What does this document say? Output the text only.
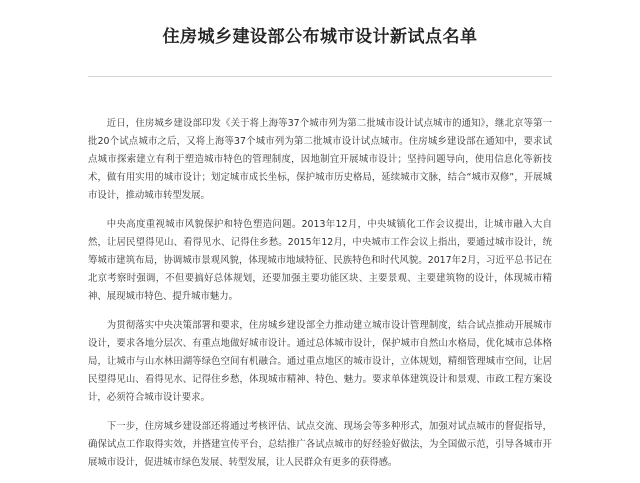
住房城乡建设部公布城市设计新试点名单

近日，住房城乡建设部印发《关于将上海等37个城市列为第二批城市设计试点城市的通知》，继北京等第一批20个试点城市之后，又将上海等37个城市列为第二批城市设计试点城市。住房城乡建设部在通知中，要求试点城市探索建立有利于塑造城市特色的管理制度，因地制宜开展城市设计；坚持问题导向，使用信息化等新技术，做有用实用的城市设计；划定城市成长坐标，保护城市历史格局，延续城市文脉，结合“城市双修”，开展城市设计，推动城市转型发展。

中央高度重视城市风貌保护和特色塑造问题。2013年12月，中央城镇化工作会议提出，让城市融入大自然，让居民望得见山、看得见水、记得住乡愁。2015年12月，中央城市工作会议上指出，要通过城市设计，统筹城市建筑布局，协调城市景观风貌，体现城市地域特征、民族特色和时代风貌。2017年2月，习近平总书记在北京考察时强调，不但要搞好总体规划，还要加强主要功能区块、主要景观、主要建筑物的设计，体现城市精神、展现城市特色、提升城市魅力。

为贯彻落实中央决策部署和要求，住房城乡建设部全力推动建立城市设计管理制度，结合试点推动开展城市设计，要求各地分层次、有重点地做好城市设计。通过总体城市设计，保护城市自然山水格局，优化城市总体格局，让城市与山水林田湖等绿色空间有机融合。通过重点地区的城市设计，立体规划，精细管理城市空间，让居民望得见山、看得见水、记得住乡愁，体现城市精神、特色、魅力。要求单体建筑设计和景观、市政工程方案设计，必须符合城市设计要求。

下一步，住房城乡建设部还将通过考核评估、试点交流、现场会等多种形式，加强对试点城市的督促指导，确保试点工作取得实效，并搭建宣传平台，总结推广各试点城市的好经验好做法，为全国做示范，引导各城市开展城市设计，促进城市绿色发展、转型发展，让人民群众有更多的获得感。
